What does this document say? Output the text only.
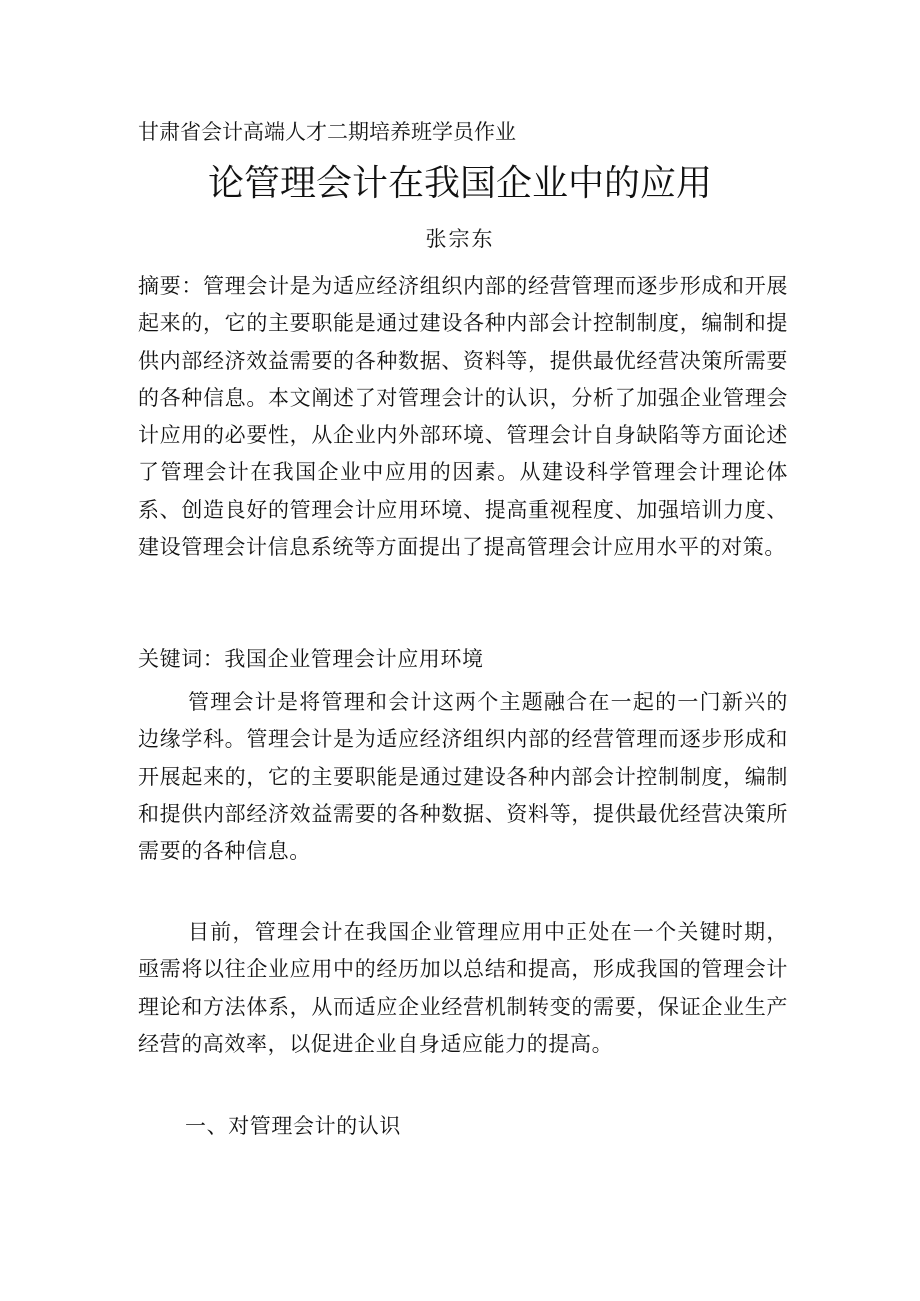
甘肃省会计高端人才二期培养班学员作业
论管理会计在我国企业中的应用
张宗东
摘要：管理会计是为适应经济组织内部的经营管理而逐步形成和开展起来的，它的主要职能是通过建设各种内部会计控制制度，编制和提供内部经济效益需要的各种数据、资料等，提供最优经营决策所需要的各种信息。本文阐述了对管理会计的认识，分析了加强企业管理会计应用的必要性，从企业内外部环境、管理会计自身缺陷等方面论述了管理会计在我国企业中应用的因素。从建设科学管理会计理论体系、创造良好的管理会计应用环境、提高重视程度、加强培训力度、建设管理会计信息系统等方面提出了提高管理会计应用水平的对策。
关键词：我国企业管理会计应用环境
管理会计是将管理和会计这两个主题融合在一起的一门新兴的边缘学科。管理会计是为适应经济组织内部的经营管理而逐步形成和开展起来的，它的主要职能是通过建设各种内部会计控制制度，编制和提供内部经济效益需要的各种数据、资料等，提供最优经营决策所需要的各种信息。
目前，管理会计在我国企业管理应用中正处在一个关键时期，亟需将以往企业应用中的经历加以总结和提高，形成我国的管理会计理论和方法体系，从而适应企业经营机制转变的需要，保证企业生产经营的高效率，以促进企业自身适应能力的提高。
一、对管理会计的认识
